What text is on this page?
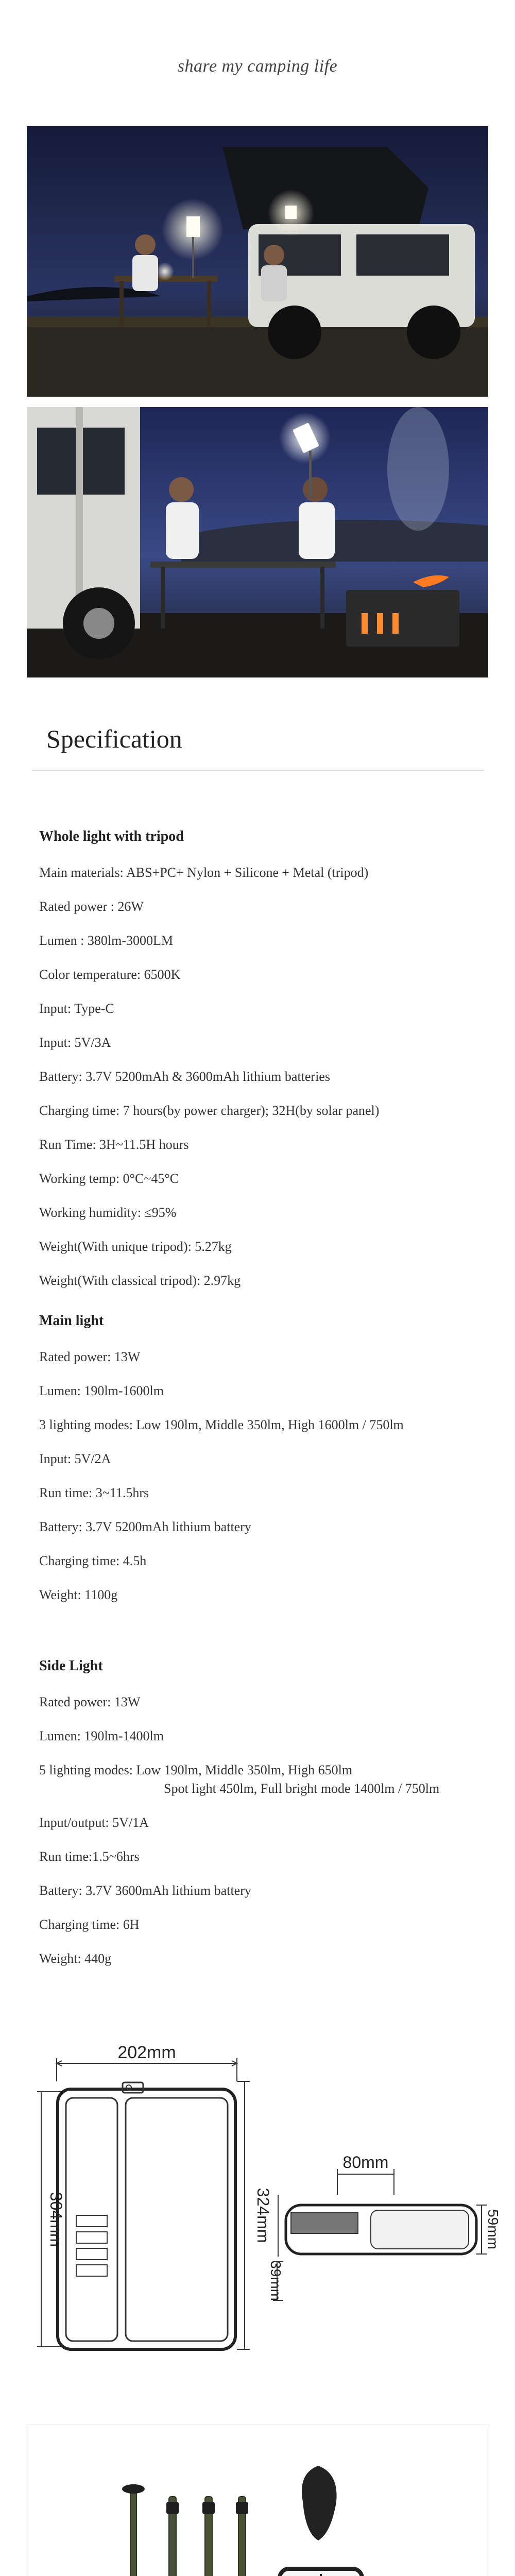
share my camping life
Specification
Whole light with tripod
Main materials: ABS+PC+ Nylon + Silicone + Metal (tripod)
Rated power : 26W
Lumen : 380lm-3000LM
Color temperature: 6500K
Input: Type-C
Input: 5V/3A
Battery: 3.7V 5200mAh & 3600mAh lithium batteries
Charging time: 7 hours(by power charger); 32H(by solar panel)
Run Time: 3H~11.5H hours
Working temp: 0°C~45°C
Working humidity: ≤95%
Weight(With unique tripod): 5.27kg
Weight(With classical tripod): 2.97kg
Main light
Rated power: 13W
Lumen: 190lm-1600lm
3 lighting modes: Low 190lm, Middle 350lm, High 1600lm / 750lm
Input: 5V/2A
Run time: 3~11.5hrs
Battery: 3.7V 5200mAh lithium battery
Charging time: 4.5h
Weight: 1100g
Side Light
Rated power: 13W
Lumen: 190lm-1400lm
5 lighting modes: Low 190lm, Middle 350lm, High 650lm
Spot light 450lm, Full bright mode 1400lm / 750lm
Input/output: 5V/1A
Run time:1.5~6hrs
Battery: 3.7V 3600mAh lithium battery
Charging time: 6H
Weight: 440g
202mm
304mm	324mm
80mm
59mm
39mm
